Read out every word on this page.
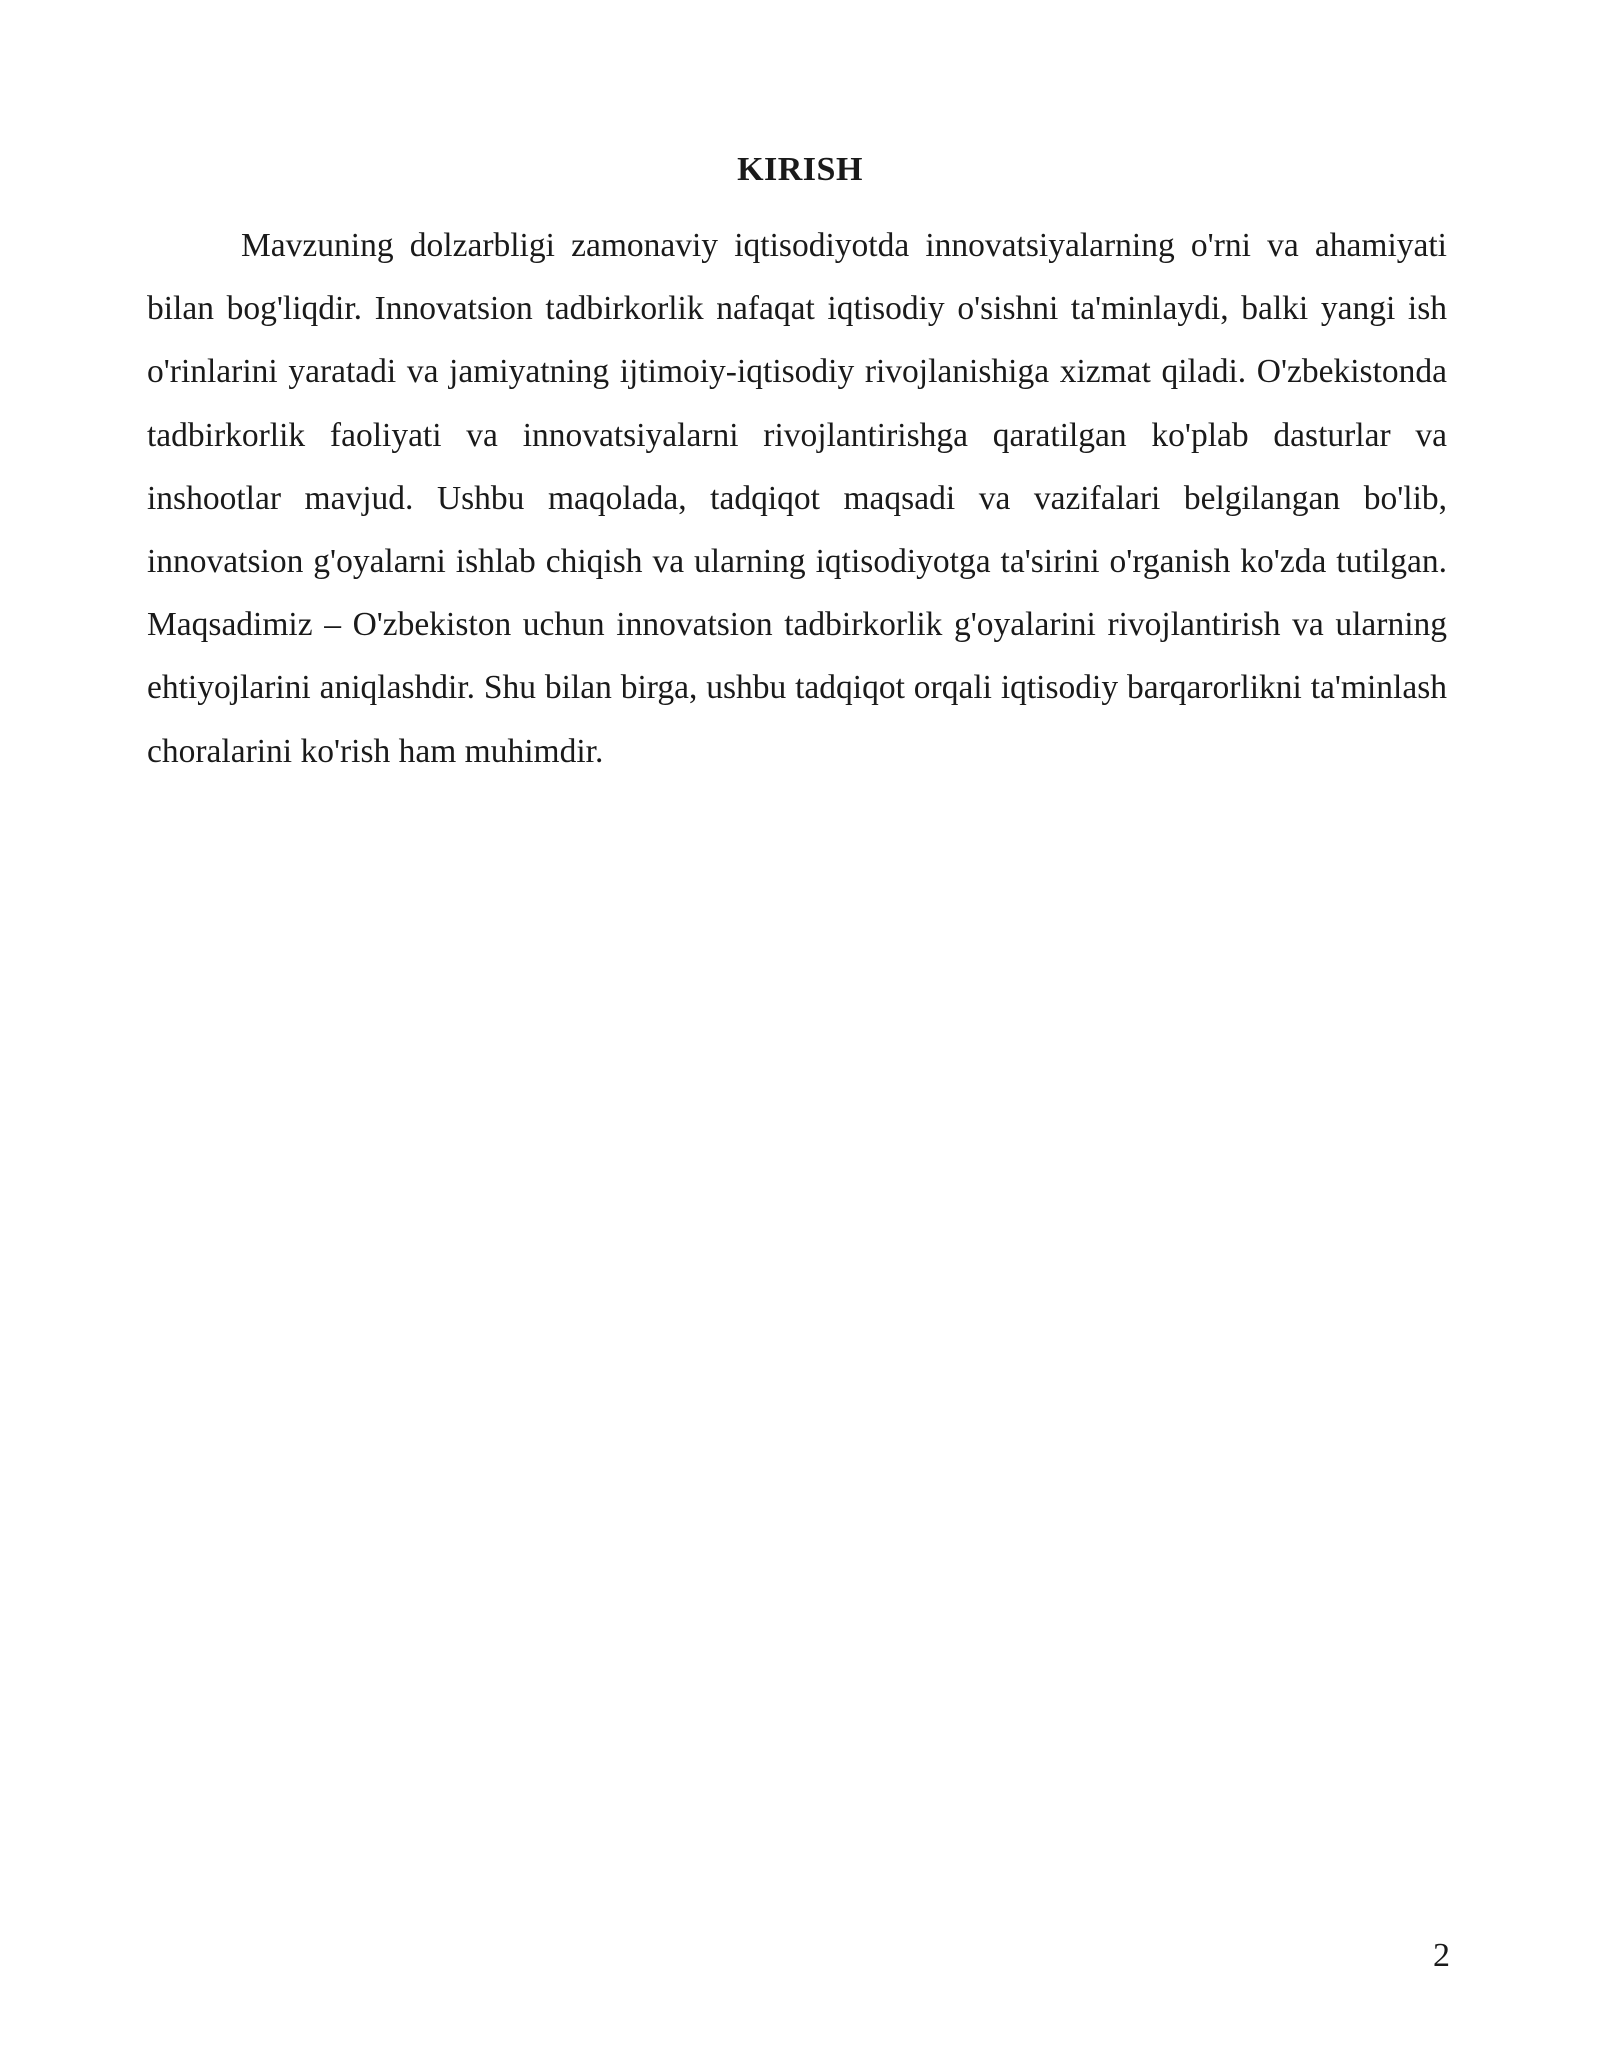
KIRISH

Mavzuning dolzarbligi zamonaviy iqtisodiyotda innovatsiyalarning o'rni va ahamiyati bilan bog'liqdir. Innovatsion tadbirkorlik nafaqat iqtisodiy o'sishni ta'minlaydi, balki yangi ish o'rinlarini yaratadi va jamiyatning ijtimoiy-iqtisodiy rivojlanishiga xizmat qiladi. O'zbekistonda tadbirkorlik faoliyati va innovatsiyalarni rivojlantirishga qaratilgan ko'plab dasturlar va inshootlar mavjud. Ushbu maqolada, tadqiqot maqsadi va vazifalari belgilangan bo'lib, innovatsion g'oyalarni ishlab chiqish va ularning iqtisodiyotga ta'sirini o'rganish ko'zda tutilgan. Maqsadimiz – O'zbekiston uchun innovatsion tadbirkorlik g'oyalarini rivojlantirish va ularning ehtiyojlarini aniqlashdir. Shu bilan birga, ushbu tadqiqot orqali iqtisodiy barqarorlikni ta'minlash choralarini ko'rish ham muhimdir.

2
